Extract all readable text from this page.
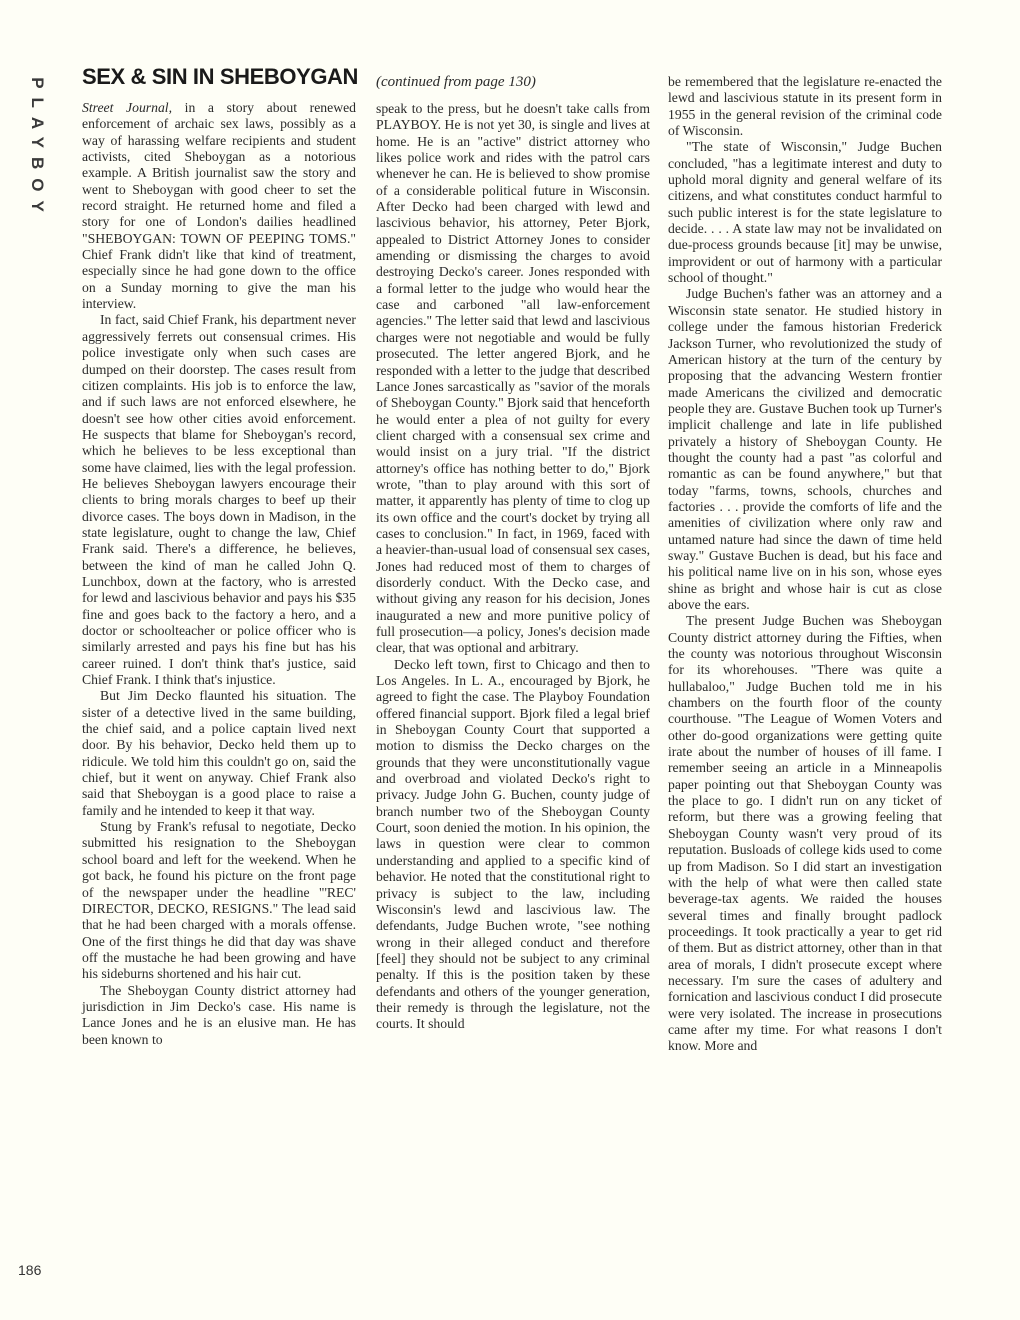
PLAYBOY
SEX & SIN IN SHEBOYGAN (continued from page 130)

Street Journal, in a story about renewed enforcement of archaic sex laws, possibly as a way of harassing welfare recipients and student activists, cited Sheboygan as a notorious example. A British journalist saw the story and went to Sheboygan with good cheer to set the record straight. He returned home and filed a story for one of London's dailies headlined "SHEBOYGAN: TOWN OF PEEPING TOMS." Chief Frank didn't like that kind of treatment, especially since he had gone down to the office on a Sunday morning to give the man his interview.

In fact, said Chief Frank, his department never aggressively ferrets out consensual crimes. His police investigate only when such cases are dumped on their doorstep. The cases result from citizen complaints. His job is to enforce the law, and if such laws are not enforced elsewhere, he doesn't see how other cities avoid enforcement. He suspects that blame for Sheboygan's record, which he believes to be less exceptional than some have claimed, lies with the legal profession. He believes Sheboygan lawyers encourage their clients to bring morals charges to beef up their divorce cases. The boys down in Madison, in the state legislature, ought to change the law, Chief Frank said. There's a difference, he believes, between the kind of man he called John Q. Lunchbox, down at the factory, who is arrested for lewd and lascivious behavior and pays his $35 fine and goes back to the factory a hero, and a doctor or schoolteacher or police officer who is similarly arrested and pays his fine but has his career ruined. I don't think that's justice, said Chief Frank. I think that's injustice.

But Jim Decko flaunted his situation. The sister of a detective lived in the same building, the chief said, and a police captain lived next door. By his behavior, Decko held them up to ridicule. We told him this couldn't go on, said the chief, but it went on anyway. Chief Frank also said that Sheboygan is a good place to raise a family and he intended to keep it that way.

Stung by Frank's refusal to negotiate, Decko submitted his resignation to the Sheboygan school board and left for the weekend. When he got back, he found his picture on the front page of the newspaper under the headline "'REC' DIRECTOR, DECKO, RESIGNS." The lead said that he had been charged with a morals offense. One of the first things he did that day was shave off the mustache he had been growing and have his sideburns shortened and his hair cut.

The Sheboygan County district attorney had jurisdiction in Jim Decko's case. His name is Lance Jones and he is an elusive man. He has been known to

speak to the press, but he doesn't take calls from PLAYBOY. He is not yet 30, is single and lives at home. He is an "active" district attorney who likes police work and rides with the patrol cars whenever he can. He is believed to show promise of a considerable political future in Wisconsin. After Decko had been charged with lewd and lascivious behavior, his attorney, Peter Bjork, appealed to District Attorney Jones to consider amending or dismissing the charges to avoid destroying Decko's career. Jones responded with a formal letter to the judge who would hear the case and carboned "all law-enforcement agencies." The letter said that lewd and lascivious charges were not negotiable and would be fully prosecuted. The letter angered Bjork, and he responded with a letter to the judge that described Lance Jones sarcastically as "savior of the morals of Sheboygan County." Bjork said that henceforth he would enter a plea of not guilty for every client charged with a consensual sex crime and would insist on a jury trial. "If the district attorney's office has nothing better to do," Bjork wrote, "than to play around with this sort of matter, it apparently has plenty of time to clog up its own office and the court's docket by trying all cases to conclusion." In fact, in 1969, faced with a heavier-than-usual load of consensual sex cases, Jones had reduced most of them to charges of disorderly conduct. With the Decko case, and without giving any reason for his decision, Jones inaugurated a new and more punitive policy of full prosecution—a policy, Jones's decision made clear, that was optional and arbitrary.

Decko left town, first to Chicago and then to Los Angeles. In L. A., encouraged by Bjork, he agreed to fight the case. The Playboy Foundation offered financial support. Bjork filed a legal brief in Sheboygan County Court that supported a motion to dismiss the Decko charges on the grounds that they were unconstitutionally vague and overbroad and violated Decko's right to privacy. Judge John G. Buchen, county judge of branch number two of the Sheboygan County Court, soon denied the motion. In his opinion, the laws in question were clear to common understanding and applied to a specific kind of behavior. He noted that the constitutional right to privacy is subject to the law, including Wisconsin's lewd and lascivious law. The defendants, Judge Buchen wrote, "see nothing wrong in their alleged conduct and therefore [feel] they should not be subject to any criminal penalty. If this is the position taken by these defendants and others of the younger generation, their remedy is through the legislature, not the courts. It should

be remembered that the legislature re-enacted the lewd and lascivious statute in its present form in 1955 in the general revision of the criminal code of Wisconsin.

"The state of Wisconsin," Judge Buchen concluded, "has a legitimate interest and duty to uphold moral dignity and general welfare of its citizens, and what constitutes conduct harmful to such public interest is for the state legislature to decide. . . . A state law may not be invalidated on due-process grounds because [it] may be unwise, improvident or out of harmony with a particular school of thought."

Judge Buchen's father was an attorney and a Wisconsin state senator. He studied history in college under the famous historian Frederick Jackson Turner, who revolutionized the study of American history at the turn of the century by proposing that the advancing Western frontier made Americans the civilized and democratic people they are. Gustave Buchen took up Turner's implicit challenge and late in life published privately a history of Sheboygan County. He thought the county had a past "as colorful and romantic as can be found anywhere," but that today "farms, towns, schools, churches and factories . . . provide the comforts of life and the amenities of civilization where only raw and untamed nature had since the dawn of time held sway." Gustave Buchen is dead, but his face and his political name live on in his son, whose eyes shine as bright and whose hair is cut as close above the ears.

The present Judge Buchen was Sheboygan County district attorney during the Fifties, when the county was notorious throughout Wisconsin for its whorehouses. "There was quite a hullabaloo," Judge Buchen told me in his chambers on the fourth floor of the county courthouse. "The League of Women Voters and other do-good organizations were getting quite irate about the number of houses of ill fame. I remember seeing an article in a Minneapolis paper pointing out that Sheboygan County was the place to go. I didn't run on any ticket of reform, but there was a growing feeling that Sheboygan County wasn't very proud of its reputation. Busloads of college kids used to come up from Madison. So I did start an investigation with the help of what were then called state beverage-tax agents. We raided the houses several times and finally brought padlock proceedings. It took practically a year to get rid of them. But as district attorney, other than in that area of morals, I didn't prosecute except where necessary. I'm sure the cases of adultery and fornication and lascivious conduct I did prosecute were very isolated. The increase in prosecutions came after my time. For what reasons I don't know. More and

186
